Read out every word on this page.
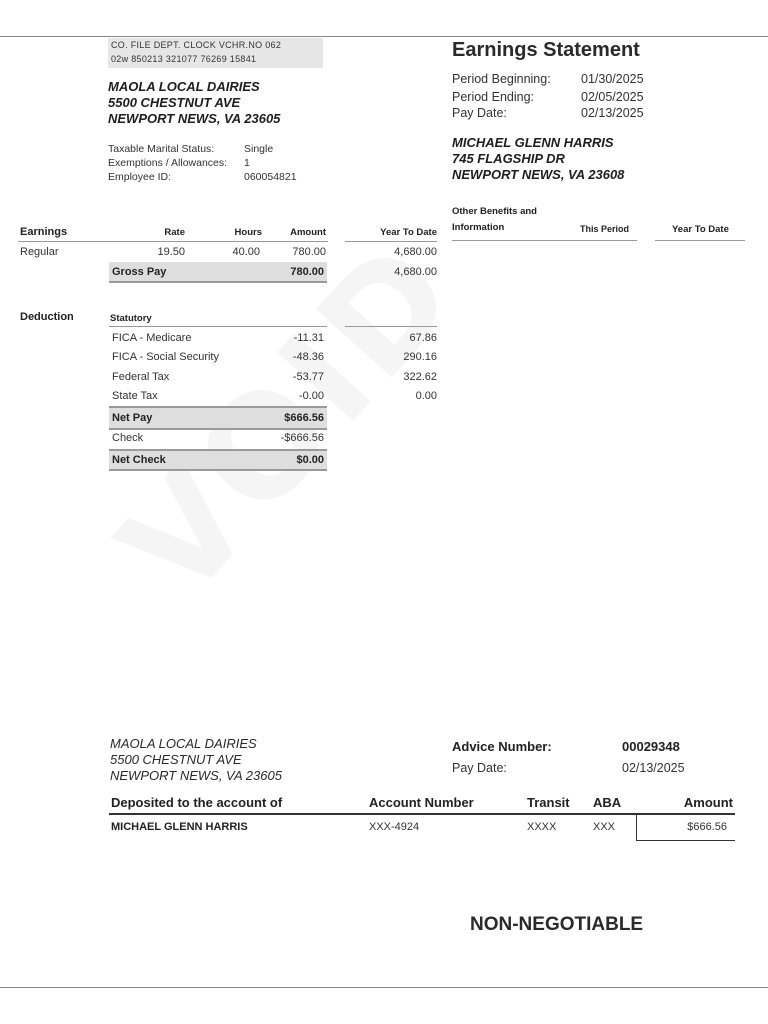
CO. FILE DEPT. CLOCK VCHR.NO 062
02w 850213 321077 76269 15841
MAOLA LOCAL DAIRIES
5500 CHESTNUT AVE
NEWPORT NEWS, VA 23605
Taxable Marital Status:	Single
Exemptions / Allowances: 1
Employee ID:	060054821
Earnings Statement
Period Beginning: 01/30/2025
Period Ending:	02/05/2025
Pay Date:	02/13/2025
MICHAEL GLENN HARRIS
745 FLAGSHIP DR
NEWPORT NEWS, VA 23608
Other Benefits and
Information	This Period	Year To Date
Earnings	Rate	Hours	Amount	Year To Date
Regular	19.50	40.00	780.00	4,680.00
Gross Pay	780.00	4,680.00
Deduction	Statutory
FICA - Medicare	-11.31	67.86
FICA - Social Security	-48.36	290.16
Federal Tax	-53.77	322.62
State Tax	-0.00	0.00
Net Pay	$666.56
Check	-$666.56
Net Check	$0.00
MAOLA LOCAL DAIRIES
5500 CHESTNUT AVE
NEWPORT NEWS, VA 23605
Advice Number:	00029348
Pay Date:	02/13/2025
Deposited to the account of	Account Number	Transit ABA	Amount
MICHAEL GLENN HARRIS	XXX-4924	XXXX	XXX	$666.56
NON-NEGOTIABLE
